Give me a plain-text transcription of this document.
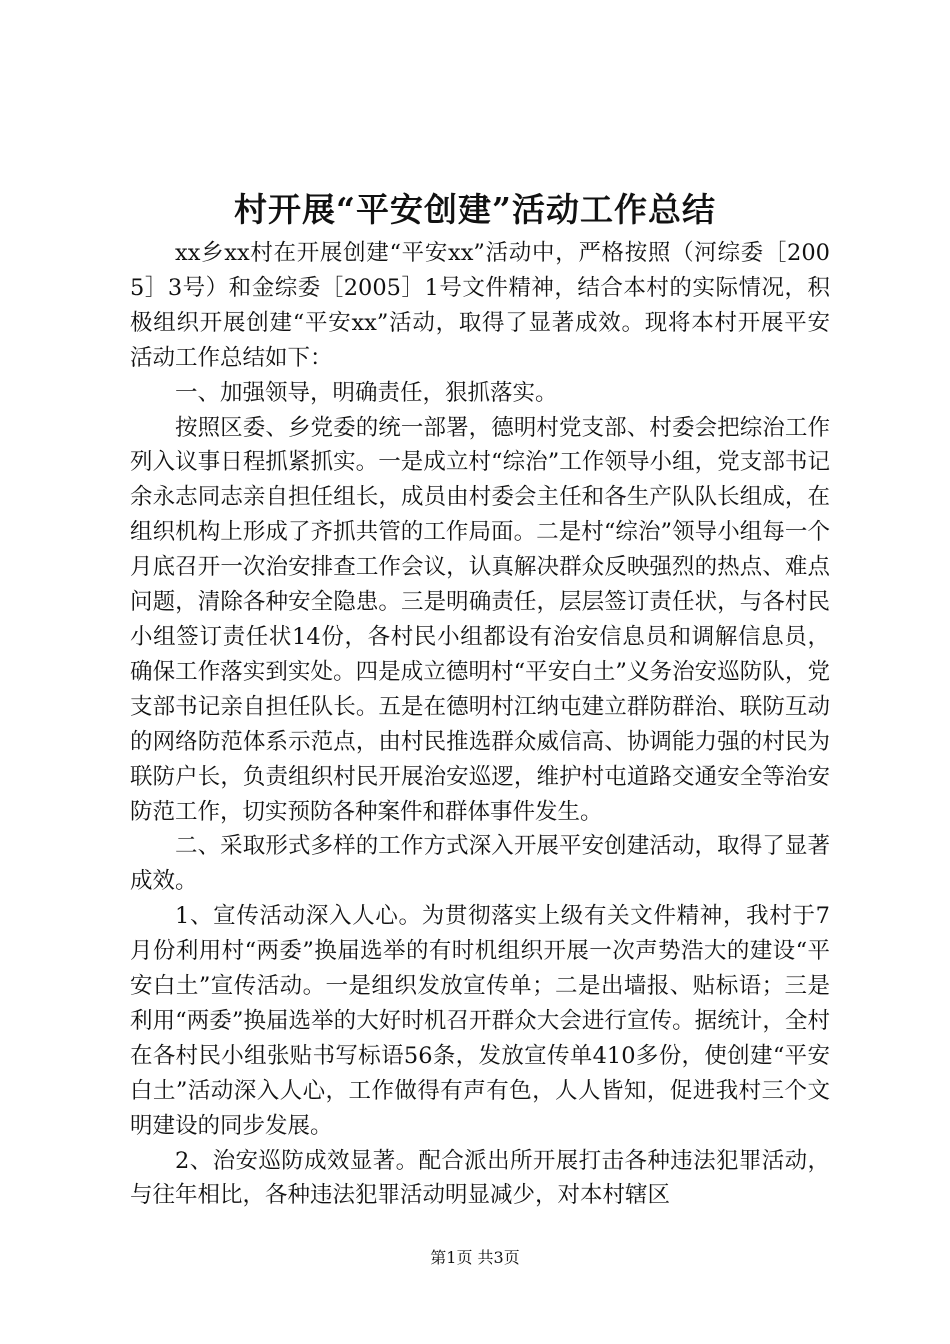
村开展“平安创建”活动工作总结

xx乡xx村在开展创建“平安xx”活动中，严格按照（河综委［2005］3号）和金综委［2005］1号文件精神，结合本村的实际情况，积极组织开展创建“平安xx”活动，取得了显著成效。现将本村开展平安活动工作总结如下：

一、加强领导，明确责任，狠抓落实。

按照区委、乡党委的统一部署，德明村党支部、村委会把综治工作列入议事日程抓紧抓实。一是成立村“综治”工作领导小组，党支部书记余永志同志亲自担任组长，成员由村委会主任和各生产队队长组成，在组织机构上形成了齐抓共管的工作局面。二是村“综治”领导小组每一个月底召开一次治安排查工作会议，认真解决群众反映强烈的热点、难点问题，清除各种安全隐患。三是明确责任，层层签订责任状，与各村民小组签订责任状14份，各村民小组都设有治安信息员和调解信息员，确保工作落实到实处。四是成立德明村“平安白土”义务治安巡防队，党支部书记亲自担任队长。五是在德明村江纳屯建立群防群治、联防互动的网络防范体系示范点，由村民推选群众威信高、协调能力强的村民为联防户长，负责组织村民开展治安巡逻，维护村屯道路交通安全等治安防范工作，切实预防各种案件和群体事件发生。

二、采取形式多样的工作方式深入开展平安创建活动，取得了显著成效。

1、宣传活动深入人心。为贯彻落实上级有关文件精神，我村于7月份利用村“两委”换届选举的有时机组织开展一次声势浩大的建设“平安白土”宣传活动。一是组织发放宣传单；二是出墙报、贴标语；三是利用“两委”换届选举的大好时机召开群众大会进行宣传。据统计，全村在各村民小组张贴书写标语56条，发放宣传单410多份，使创建“平安白土”活动深入人心，工作做得有声有色，人人皆知，促进我村三个文明建设的同步发展。

2、治安巡防成效显著。配合派出所开展打击各种违法犯罪活动，与往年相比，各种违法犯罪活动明显减少，对本村辖区

第1页 共3页
